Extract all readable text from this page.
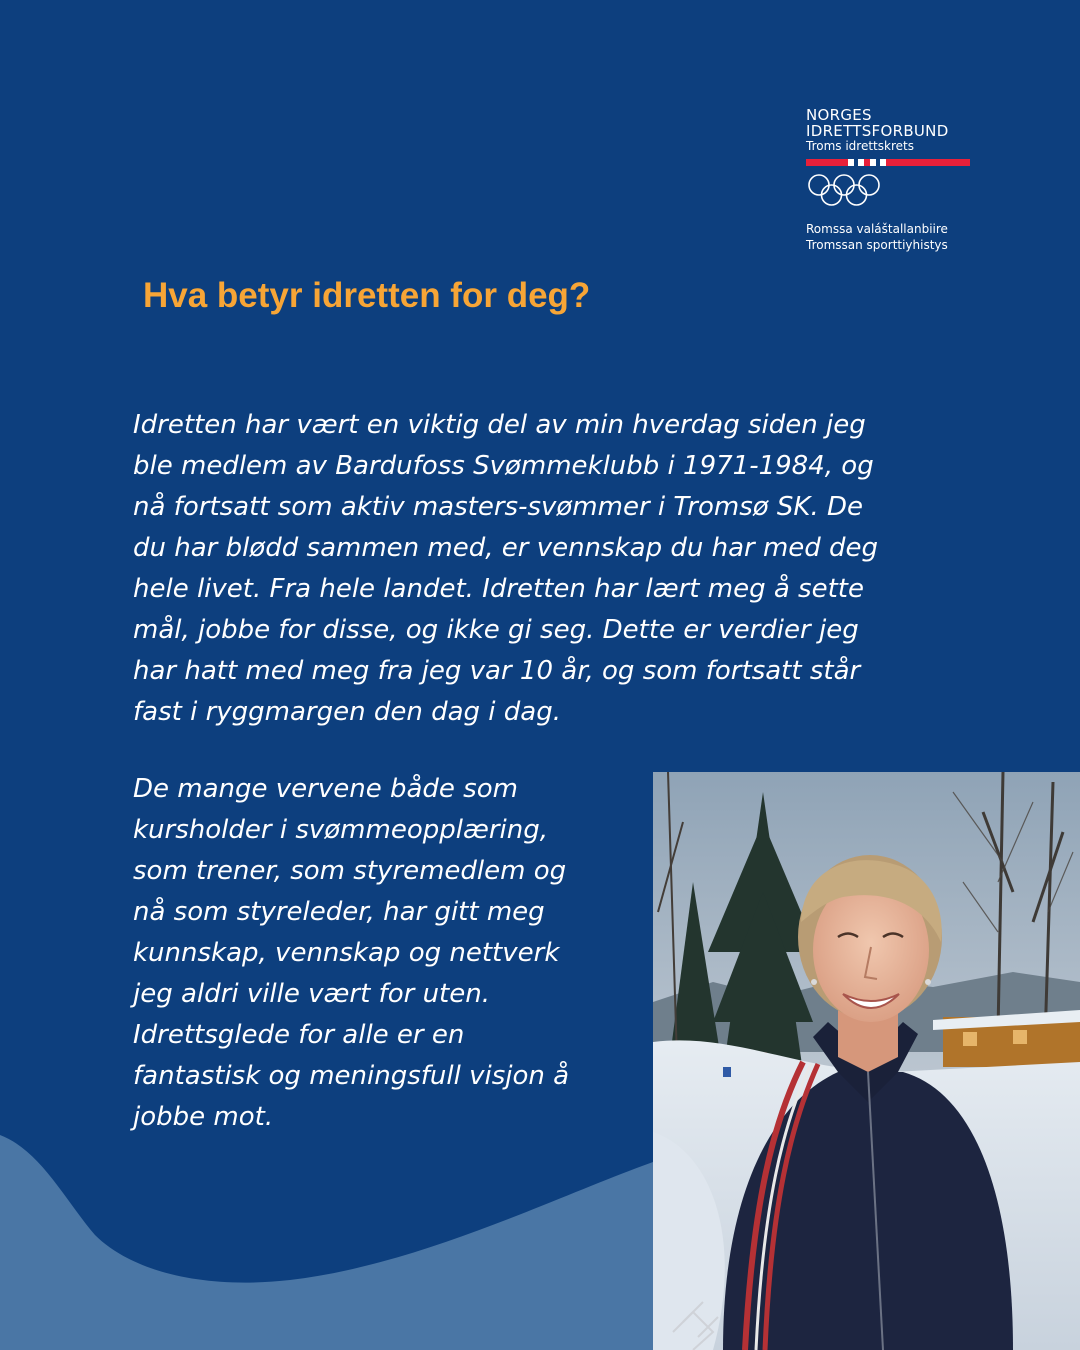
NORGES
IDRETTSFORBUND
Troms idrettskrets
Romssa valáštallanbiire
Tromssan sporttiyhistys
Hva betyr idretten for deg?

Idretten har vært en viktig del av min hverdag siden jeg
ble medlem av Bardufoss Svømmeklubb i 1971-1984, og
nå fortsatt som aktiv masters-svømmer i Tromsø SK. De
du har blødd sammen med, er vennskap du har med deg
hele livet. Fra hele landet. Idretten har lært meg å sette
mål, jobbe for disse, og ikke gi seg. Dette er verdier jeg
har hatt med meg fra jeg var 10 år, og som fortsatt står
fast i ryggmargen den dag i dag.

De mange vervene både som
kursholder i svømmeopplæring,
som trener, som styremedlem og
nå som styreleder, har gitt meg
kunnskap, vennskap og nettverk
jeg aldri ville vært for uten.
Idrettsglede for alle er en
fantastisk og meningsfull visjon å
jobbe mot.
